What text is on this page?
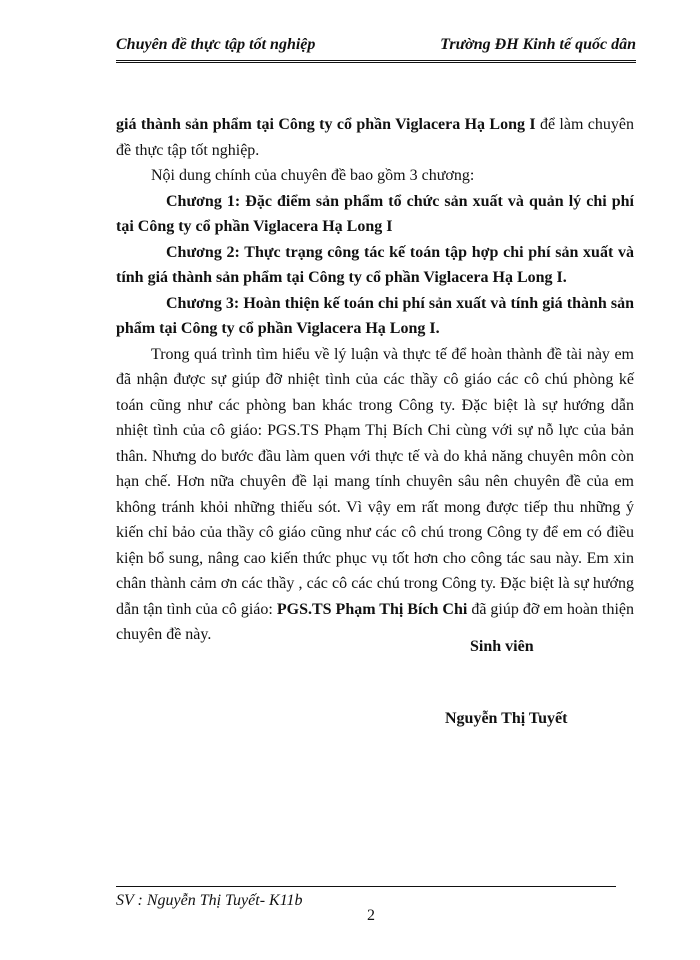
Chuyên đề thực tập tốt nghiệp	Trường ĐH Kinh tế quốc dân

giá thành sản phẩm tại Công ty cổ phần Viglacera Hạ Long I để làm chuyên đề thực tập tốt nghiệp.

Nội dung chính của chuyên đề bao gồm 3 chương:

Chương 1: Đặc điểm sản phẩm tổ chức sản xuất và quản lý chi phí tại Công ty cổ phần Viglacera Hạ Long I

Chương 2: Thực trạng công tác kế toán tập hợp chi phí sản xuất và tính giá thành sản phẩm tại Công ty cổ phần Viglacera Hạ Long I.

Chương 3: Hoàn thiện kế toán chi phí sản xuất và tính giá thành sản phẩm tại Công ty cổ phần Viglacera Hạ Long I.

Trong quá trình tìm hiểu về lý luận và thực tế để hoàn thành đề tài này em đã nhận được sự giúp đỡ nhiệt tình của các thầy cô giáo các cô chú phòng kế toán cũng như các phòng ban khác trong Công ty. Đặc biệt là sự hướng dẫn nhiệt tình của cô giáo: PGS.TS Phạm Thị Bích Chi cùng với sự nỗ lực của bản thân. Nhưng do bước đầu làm quen với thực tế và do khả năng chuyên môn còn hạn chế. Hơn nữa chuyên đề lại mang tính chuyên sâu nên chuyên đề của em không tránh khỏi những thiếu sót. Vì vậy em rất mong được tiếp thu những ý kiến chỉ bảo của thầy cô giáo cũng như các cô chú trong Công ty để em có điều kiện bổ sung, nâng cao kiến thức phục vụ tốt hơn cho công tác sau này. Em xin chân thành cảm ơn các thầy , các cô các chú trong Công ty. Đặc biệt là sự hướng dẫn tận tình của cô giáo: PGS.TS Phạm Thị Bích Chi đã giúp đỡ em hoàn thiện chuyên đề này.

Sinh viên
Nguyễn Thị Tuyết
SV : Nguyễn Thị Tuyết- K11b
2
